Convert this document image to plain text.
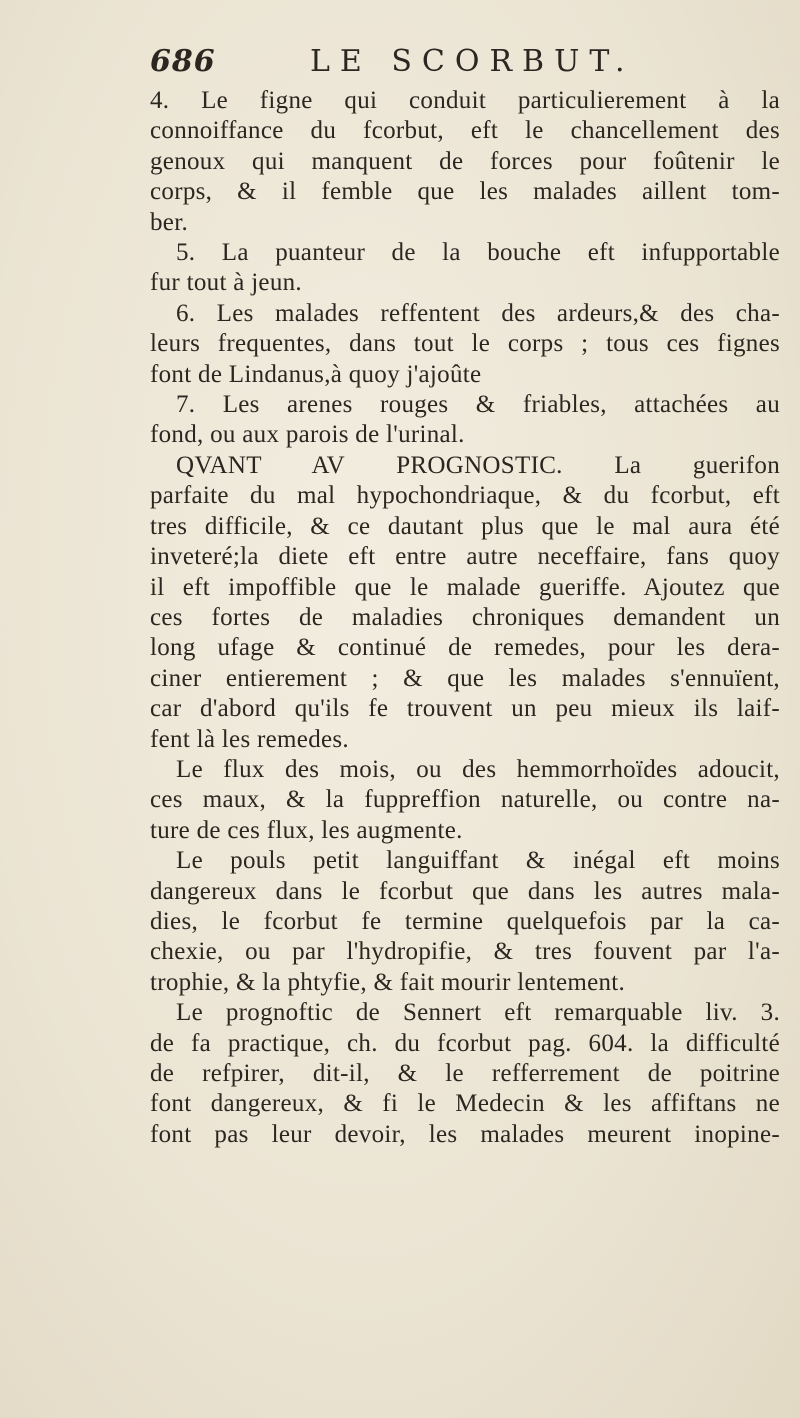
686	LE SCORBUT.
4. Le figne qui conduit particulierement à la
connoiffance du fcorbut, eft le chancellement des
genoux qui manquent de forces pour foûtenir le
corps, & il femble que les malades aillent tom-
ber.
5. La puanteur de la bouche eft infupportable
fur tout à jeun.
6. Les malades reffentent des ardeurs,& des cha-
leurs frequentes, dans tout le corps ; tous ces fignes
font de Lindanus,à quoy j'ajoûte
7. Les arenes rouges & friables, attachées au
fond, ou aux parois de l'urinal.
QVANT AV PROGNOSTIC. La guerifon
parfaite du mal hypochondriaque, & du fcorbut, eft
tres difficile, & ce dautant plus que le mal aura été
inveteré;la diete eft entre autre neceffaire, fans quoy
il eft impoffible que le malade gueriffe. Ajoutez que
ces fortes de maladies chroniques demandent un
long ufage & continué de remedes, pour les dera-
ciner entierement ; & que les malades s'ennuïent,
car d'abord qu'ils fe trouvent un peu mieux ils laif-
fent là les remedes.
Le flux des mois, ou des hemmorrhoïdes adoucit,
ces maux, & la fuppreffion naturelle, ou contre na-
ture de ces flux, les augmente.
Le pouls petit languiffant & inégal eft moins
dangereux dans le fcorbut que dans les autres mala-
dies, le fcorbut fe termine quelquefois par la ca-
chexie, ou par l'hydropifie, & tres fouvent par l'a-
trophie, & la phtyfie, & fait mourir lentement.
Le prognoftic de Sennert eft remarquable liv. 3.
de fa practique, ch. du fcorbut pag. 604. la difficulté
de refpirer, dit-il, & le refferrement de poitrine
font dangereux, & fi le Medecin & les affiftans ne
font pas leur devoir, les malades meurent inopine-
